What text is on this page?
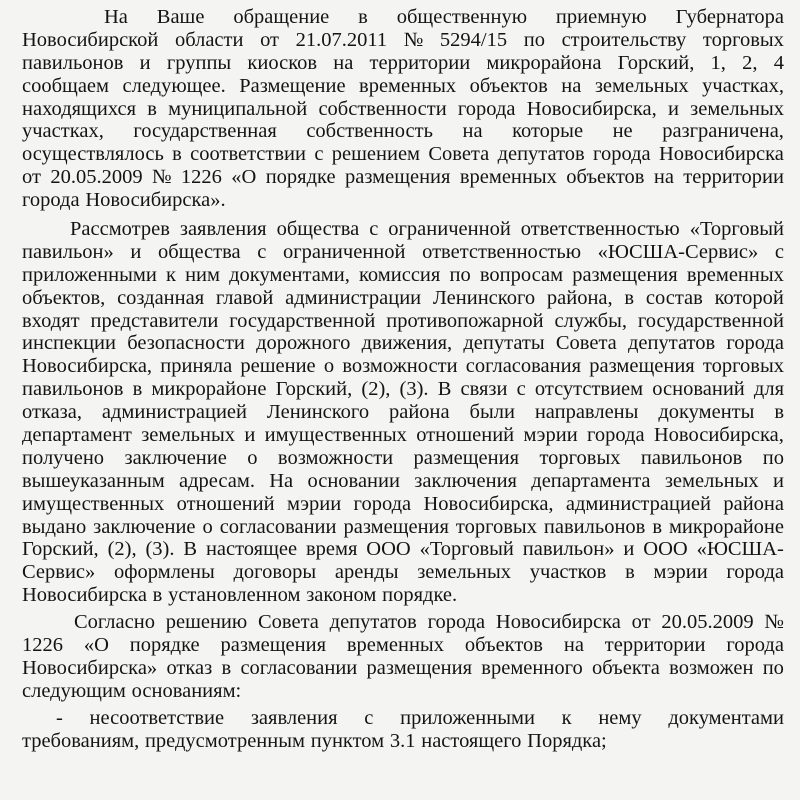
На Ваше обращение в общественную приемную Губернатора
Новосибирской области от 21.07.2011 № 5294/15 по строительству торговых
павильонов и группы киосков на территории микрорайона Горский, 1, 2, 4
сообщаем следующее. Размещение временных объектов на земельных участках,
находящихся в муниципальной собственности города Новосибирска, и земельных
участках, государственная собственность на которые не разграничена,
осуществлялось в соответствии с решением Совета депутатов города Новосибирска
от 20.05.2009 № 1226 «О порядке размещения временных объектов на территории
города Новосибирска».
Рассмотрев заявления общества с ограниченной ответственностью «Торговый
павильон» и общества с ограниченной ответственностью «ЮСША-Сервис» с
приложенными к ним документами, комиссия по вопросам размещения временных
объектов, созданная главой администрации Ленинского района, в состав которой
входят представители государственной противопожарной службы, государственной
инспекции безопасности дорожного движения, депутаты Совета депутатов города
Новосибирска, приняла решение о возможности согласования размещения торговых
павильонов в микрорайоне Горский, (2), (3). В связи с отсутствием оснований для
отказа, администрацией Ленинского района были направлены документы в
департамент земельных и имущественных отношений мэрии города Новосибирска,
получено заключение о возможности размещения торговых павильонов по
вышеуказанным адресам. На основании заключения департамента земельных и
имущественных отношений мэрии города Новосибирска, администрацией района
выдано заключение о согласовании размещения торговых павильонов в микрорайоне
Горский, (2), (3). В настоящее время ООО «Торговый павильон» и ООО «ЮСША-
Сервис» оформлены договоры аренды земельных участков в мэрии города
Новосибирска в установленном законом порядке.
Согласно решению Совета депутатов города Новосибирска от 20.05.2009 №
1226 «О порядке размещения временных объектов на территории города
Новосибирска» отказ в согласовании размещения временного объекта возможен по
следующим основаниям:
- несоответствие заявления с приложенными к нему документами
требованиям, предусмотренным пунктом 3.1 настоящего Порядка;
